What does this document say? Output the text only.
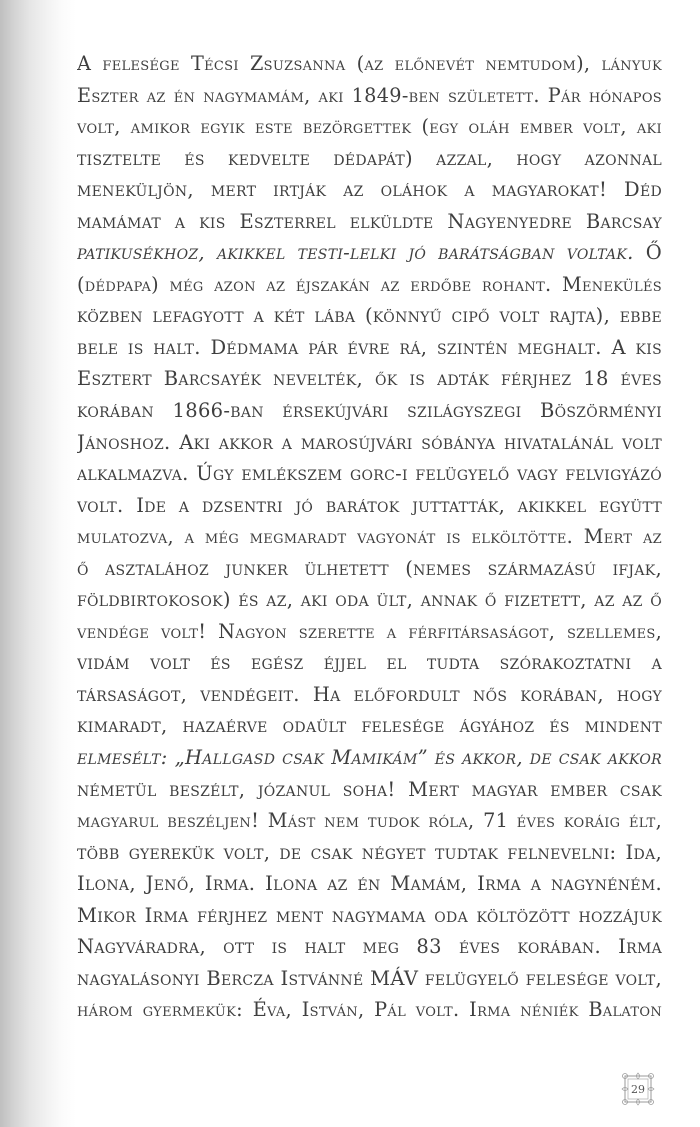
A feleségе Técsi Zsuzsanna (az előnevét nemtudom), lányuk
Eszter az én nagymamám, aki 1849-ben született. Pár hónapos
volt, amikor egyik este bezörgettek (egy oláh ember volt, aki
tisztelte és kedvelte dédapát) azzal, hogy azonnal
meneküljön, mert irtják az oláhok a magyarokat! Déd
mamámat a kis Eszterrel elküldte Nagyenyedre Barcsay
patikusékhoz, akikkel testi-lelki jó barátságban voltak. Ő
(dédpapa) még azon az éjszakán az erdőbe rohant. Menekülés
közben lefagyott a két lába (könnyű cipő volt rajta), ebbe
bele is halt. Dédmama pár évre rá, szintén meghalt. A kis
Esztert Barcsayék nevelték, ők is adták férjhez 18 éves
korában 1866-ban érsekújvári szilágyszegi Böszörményi
Jánoshoz. Aki akkor a marosújvári sóbánya hivatalánál volt
alkalmazva. Úgy emlékszem gorc-i felügyelő vagy felvigyázó
volt. Ide a dzsentri jó barátok juttatták, akikkel együtt
mulatozva, a még megmaradt vagyonát is elköltötte. Mert az
ő asztalához junker ülhetett (nemes származású ifjak,
földbirtokosok) és az, aki oda ült, annak ő fizetett, az az ő
vendége volt! Nagyon szerette a férfitársaságot, szellemes,
vidám volt és egész éjjel el tudta szórakoztatni a
társaságot, vendégeit. Ha előfordult nős korában, hogy
kimaradt, hazaérve odaült felesége ágyához és mindent
elmesélt: „Hallgasd csak Mamikám” és akkor, de csak akkor
németül beszélt, józanul soha! Mert magyar ember csak
magyarul beszéljen! Mást nem tudok róla, 71 éves koráig élt,
több gyerekük volt, de csak négyet tudtak felnevelni: Ida,
Ilona, Jenő, Irma. Ilona az én Mamám, Irma a nagynéném.
Mikor Irma férjhez ment nagymama oda költözött hozzájuk
Nagyváradra, ott is halt meg 83 éves korában. Irma
nagyalásonyi Bercza Istvánné MÁV felügyelő felesége volt,
három gyermekük: Éva, István, Pál volt. Irma néniék Balaton
29
